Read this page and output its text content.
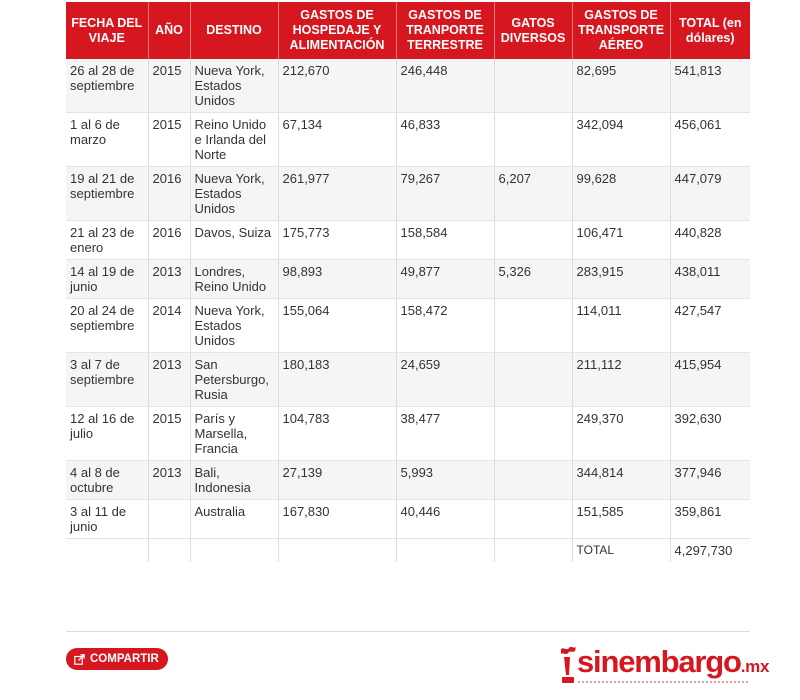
FECHA DEL VIAJE	AÑO	DESTINO	GASTOS DE HOSPEDAJE Y ALIMENTACIÓN	GASTOS DE TRANPORTE TERRESTRE	GATOS DIVERSOS	GASTOS DE TRANSPORTE AÉREO	TOTAL (en dólares)
26 al 28 de septiembre	2015	Nueva York, Estados Unidos	212,670	246,448		82,695	541,813
1 al 6 de marzo	2015	Reino Unido e Irlanda del Norte	67,134	46,833		342,094	456,061
19 al 21 de septiembre	2016	Nueva York, Estados Unidos	261,977	79,267	6,207	99,628	447,079
21 al 23 de enero	2016	Davos, Suiza	175,773	158,584		106,471	440,828
14 al 19 de junio	2013	Londres, Reino Unido	98,893	49,877	5,326	283,915	438,011
20 al 24 de septiembre	2014	Nueva York, Estados Unidos	155,064	158,472		114,011	427,547
3 al 7 de septiembre	2013	San Petersburgo, Rusia	180,183	24,659		211,112	415,954
12 al 16 de julio	2015	París y Marsella, Francia	104,783	38,477		249,370	392,630
4 al 8 de octubre	2013	Bali, Indonesia	27,139	5,993		344,814	377,946
3 al 11 de junio		Australia	167,830	40,446		151,585	359,861
						TOTAL	4,297,730
COMPARTIR	sinembargo.mx
